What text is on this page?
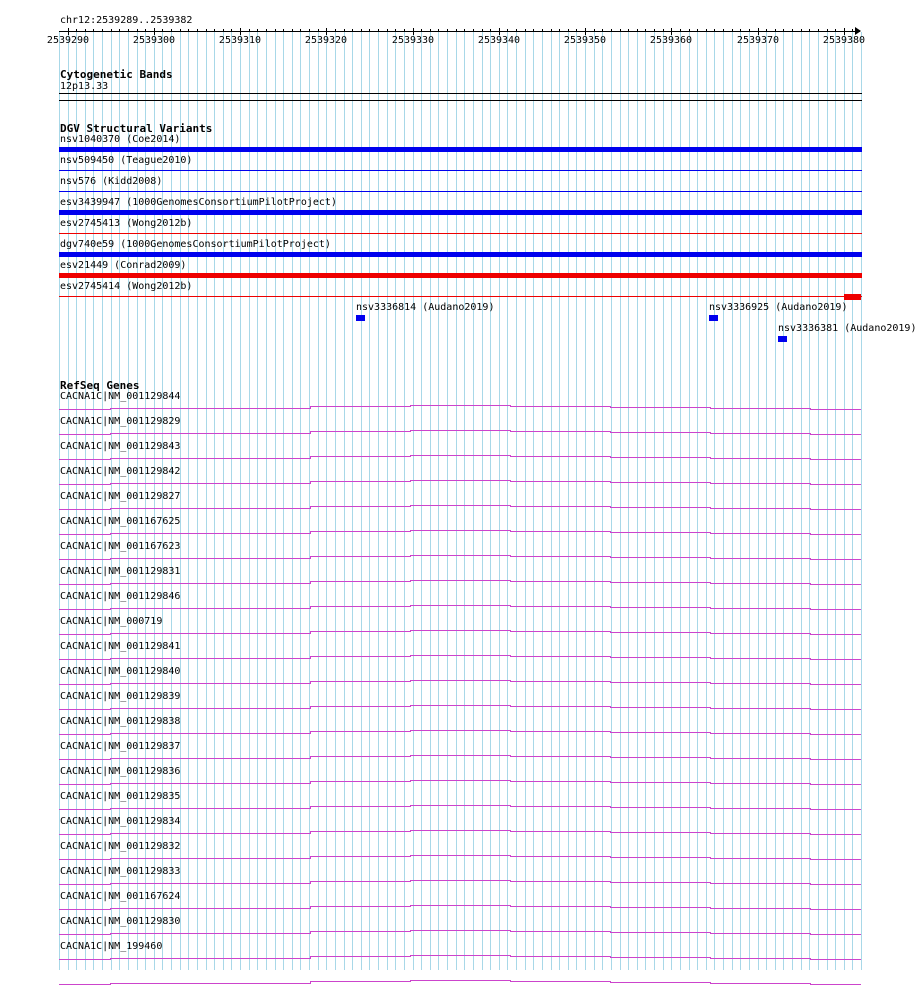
chr12:2539289..2539382
2539290	2539300	2539310	2539320	2539330	2539340	2539350	2539360	2539370	2539380
Cytogenetic Bands
12p13.33
DGV Structural Variants
nsv1040370 (Coe2014)
nsv509450 (Teague2010)
nsv576 (Kidd2008)
esv3439947 (1000GenomesConsortiumPilotProject)
esv2745413 (Wong2012b)
dgv740e59 (1000GenomesConsortiumPilotProject)
esv21449 (Conrad2009)
esv2745414 (Wong2012b)
nsv3336814 (Audano2019)	nsv3336925 (Audano2019)
nsv3336381 (Audano2019)
RefSeq Genes
CACNA1C|NM_001129844
CACNA1C|NM_001129829
CACNA1C|NM_001129843
CACNA1C|NM_001129842
CACNA1C|NM_001129827
CACNA1C|NM_001167625
CACNA1C|NM_001167623
CACNA1C|NM_001129831
CACNA1C|NM_001129846
CACNA1C|NM_000719
CACNA1C|NM_001129841
CACNA1C|NM_001129840
CACNA1C|NM_001129839
CACNA1C|NM_001129838
CACNA1C|NM_001129837
CACNA1C|NM_001129836
CACNA1C|NM_001129835
CACNA1C|NM_001129834
CACNA1C|NM_001129832
CACNA1C|NM_001129833
CACNA1C|NM_001167624
CACNA1C|NM_001129830
CACNA1C|NM_199460
